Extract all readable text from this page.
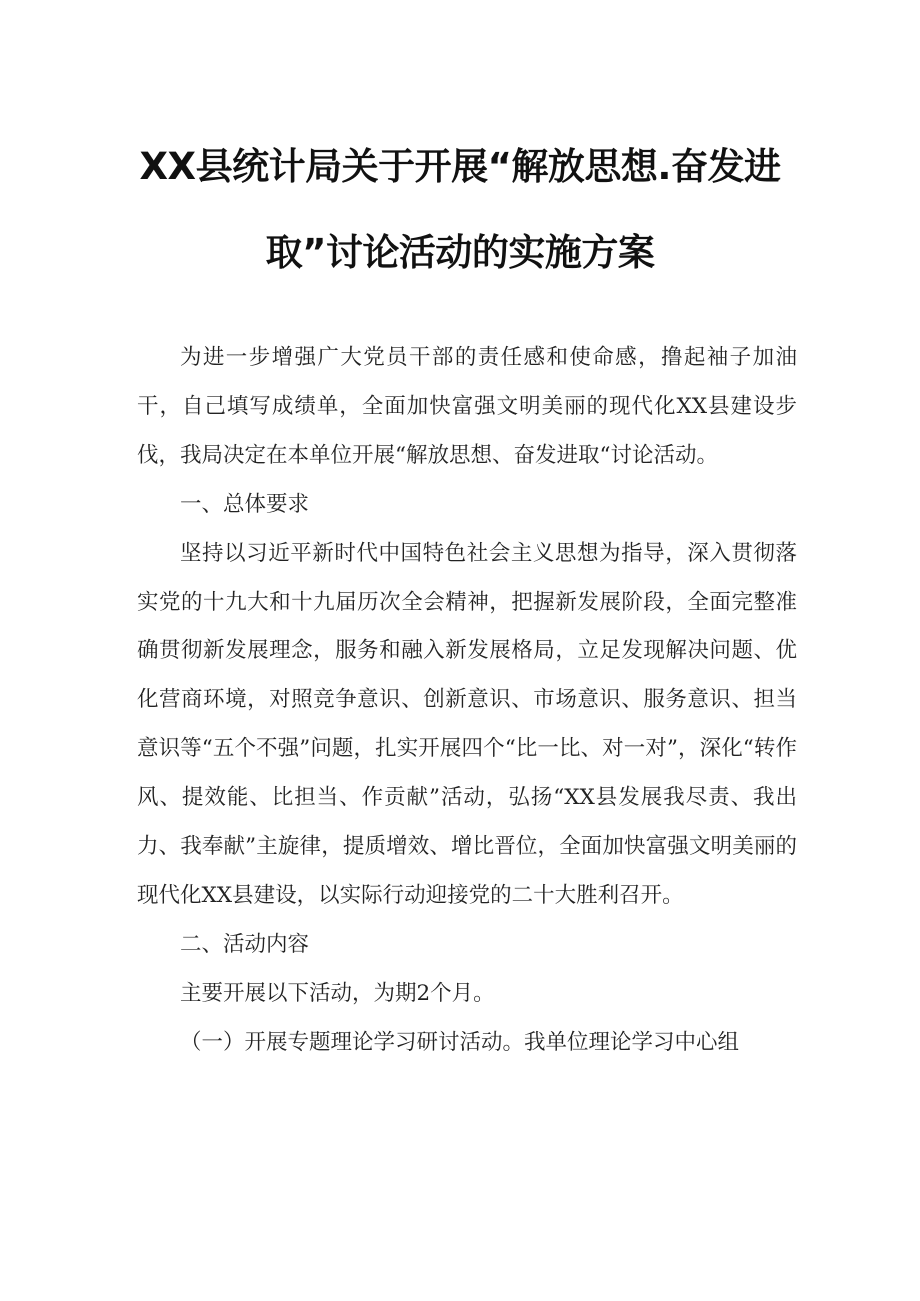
XX县统计局关于开展“解放思想.奋发进
取”讨论活动的实施方案

为进一步增强广大党员干部的责任感和使命感，撸起袖子加油干，自己填写成绩单，全面加快富强文明美丽的现代化XX县建设步伐，我局决定在本单位开展“解放思想、奋发进取“讨论活动。

一、总体要求

坚持以习近平新时代中国特色社会主义思想为指导，深入贯彻落实党的十九大和十九届历次全会精神，把握新发展阶段，全面完整准确贯彻新发展理念，服务和融入新发展格局，立足发现解决问题、优化营商环境，对照竞争意识、创新意识、市场意识、服务意识、担当意识等“五个不强”问题，扎实开展四个“比一比、对一对”，深化“转作风、提效能、比担当、作贡献”活动，弘扬“XX县发展我尽责、我出力、我奉献”主旋律，提质增效、增比晋位，全面加快富强文明美丽的现代化XX县建设，以实际行动迎接党的二十大胜利召开。

二、活动内容

主要开展以下活动，为期2个月。

（一）开展专题理论学习研讨活动。我单位理论学习中心组
